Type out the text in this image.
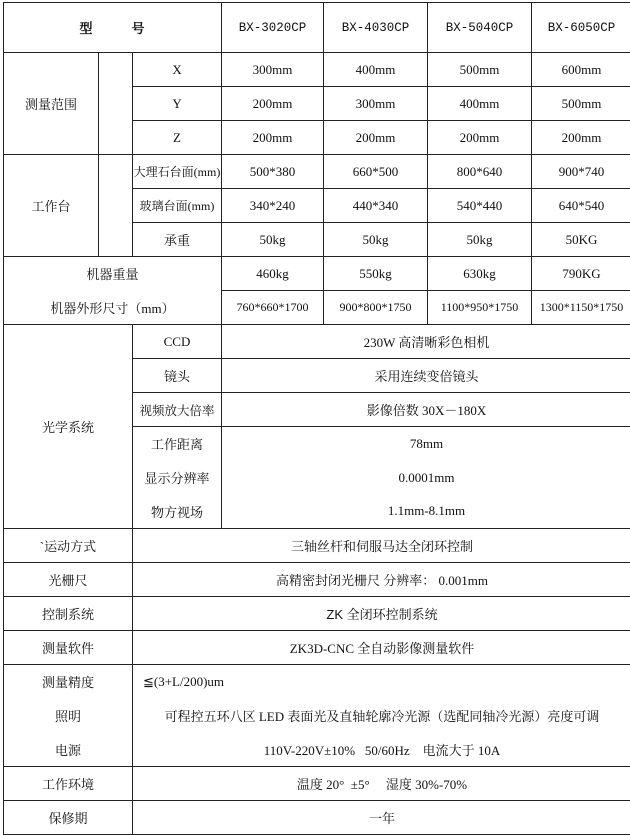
型 号			BX-3020CP	BX-4030CP	BX-5040CP	BX-6050CP
测量范围		X	300mm	400mm	500mm	600mm
		Y	200mm	300mm	400mm	500mm
		Z	200mm	200mm	200mm	200mm
工作台		大理石台面(mm)	500*380	660*500	800*640	900*740
		玻璃台面(mm)	340*240	440*340	540*440	640*540
		承重	50kg	50kg	50kg	50KG
机器重量			460kg	550kg	630kg	790KG
机器外形尺寸（mm）			760*660*1700	900*800*1750	1100*950*1750	1300*1150*1750
光学系统		CCD	230W 高清晰彩色相机			
		镜头	采用连续变倍镜头			
		视频放大倍率	影像倍数 30X－180X			
		工作距离	78mm			
		显示分辨率	0.0001mm			
		物方视场	1.1mm-8.1mm			
`运动方式		三轴丝杆和伺服马达全闭环控制				
光栅尺		高精密封闭光栅尺 分辨率： 0.001mm				
控制系统		ZK 全闭环控制系统				
测量软件		ZK3D-CNC 全自动影像测量软件				
测量精度		≦(3+L/200)um				
照明		可程控五环八区 LED 表面光及直轴轮廓冷光源（选配同轴冷光源）亮度可调				
电源		110V-220V±10%   50/60Hz    电流大于 10A				
工作环境		温度 20°  ±5°     湿度 30%-70%				
保修期		一年				
